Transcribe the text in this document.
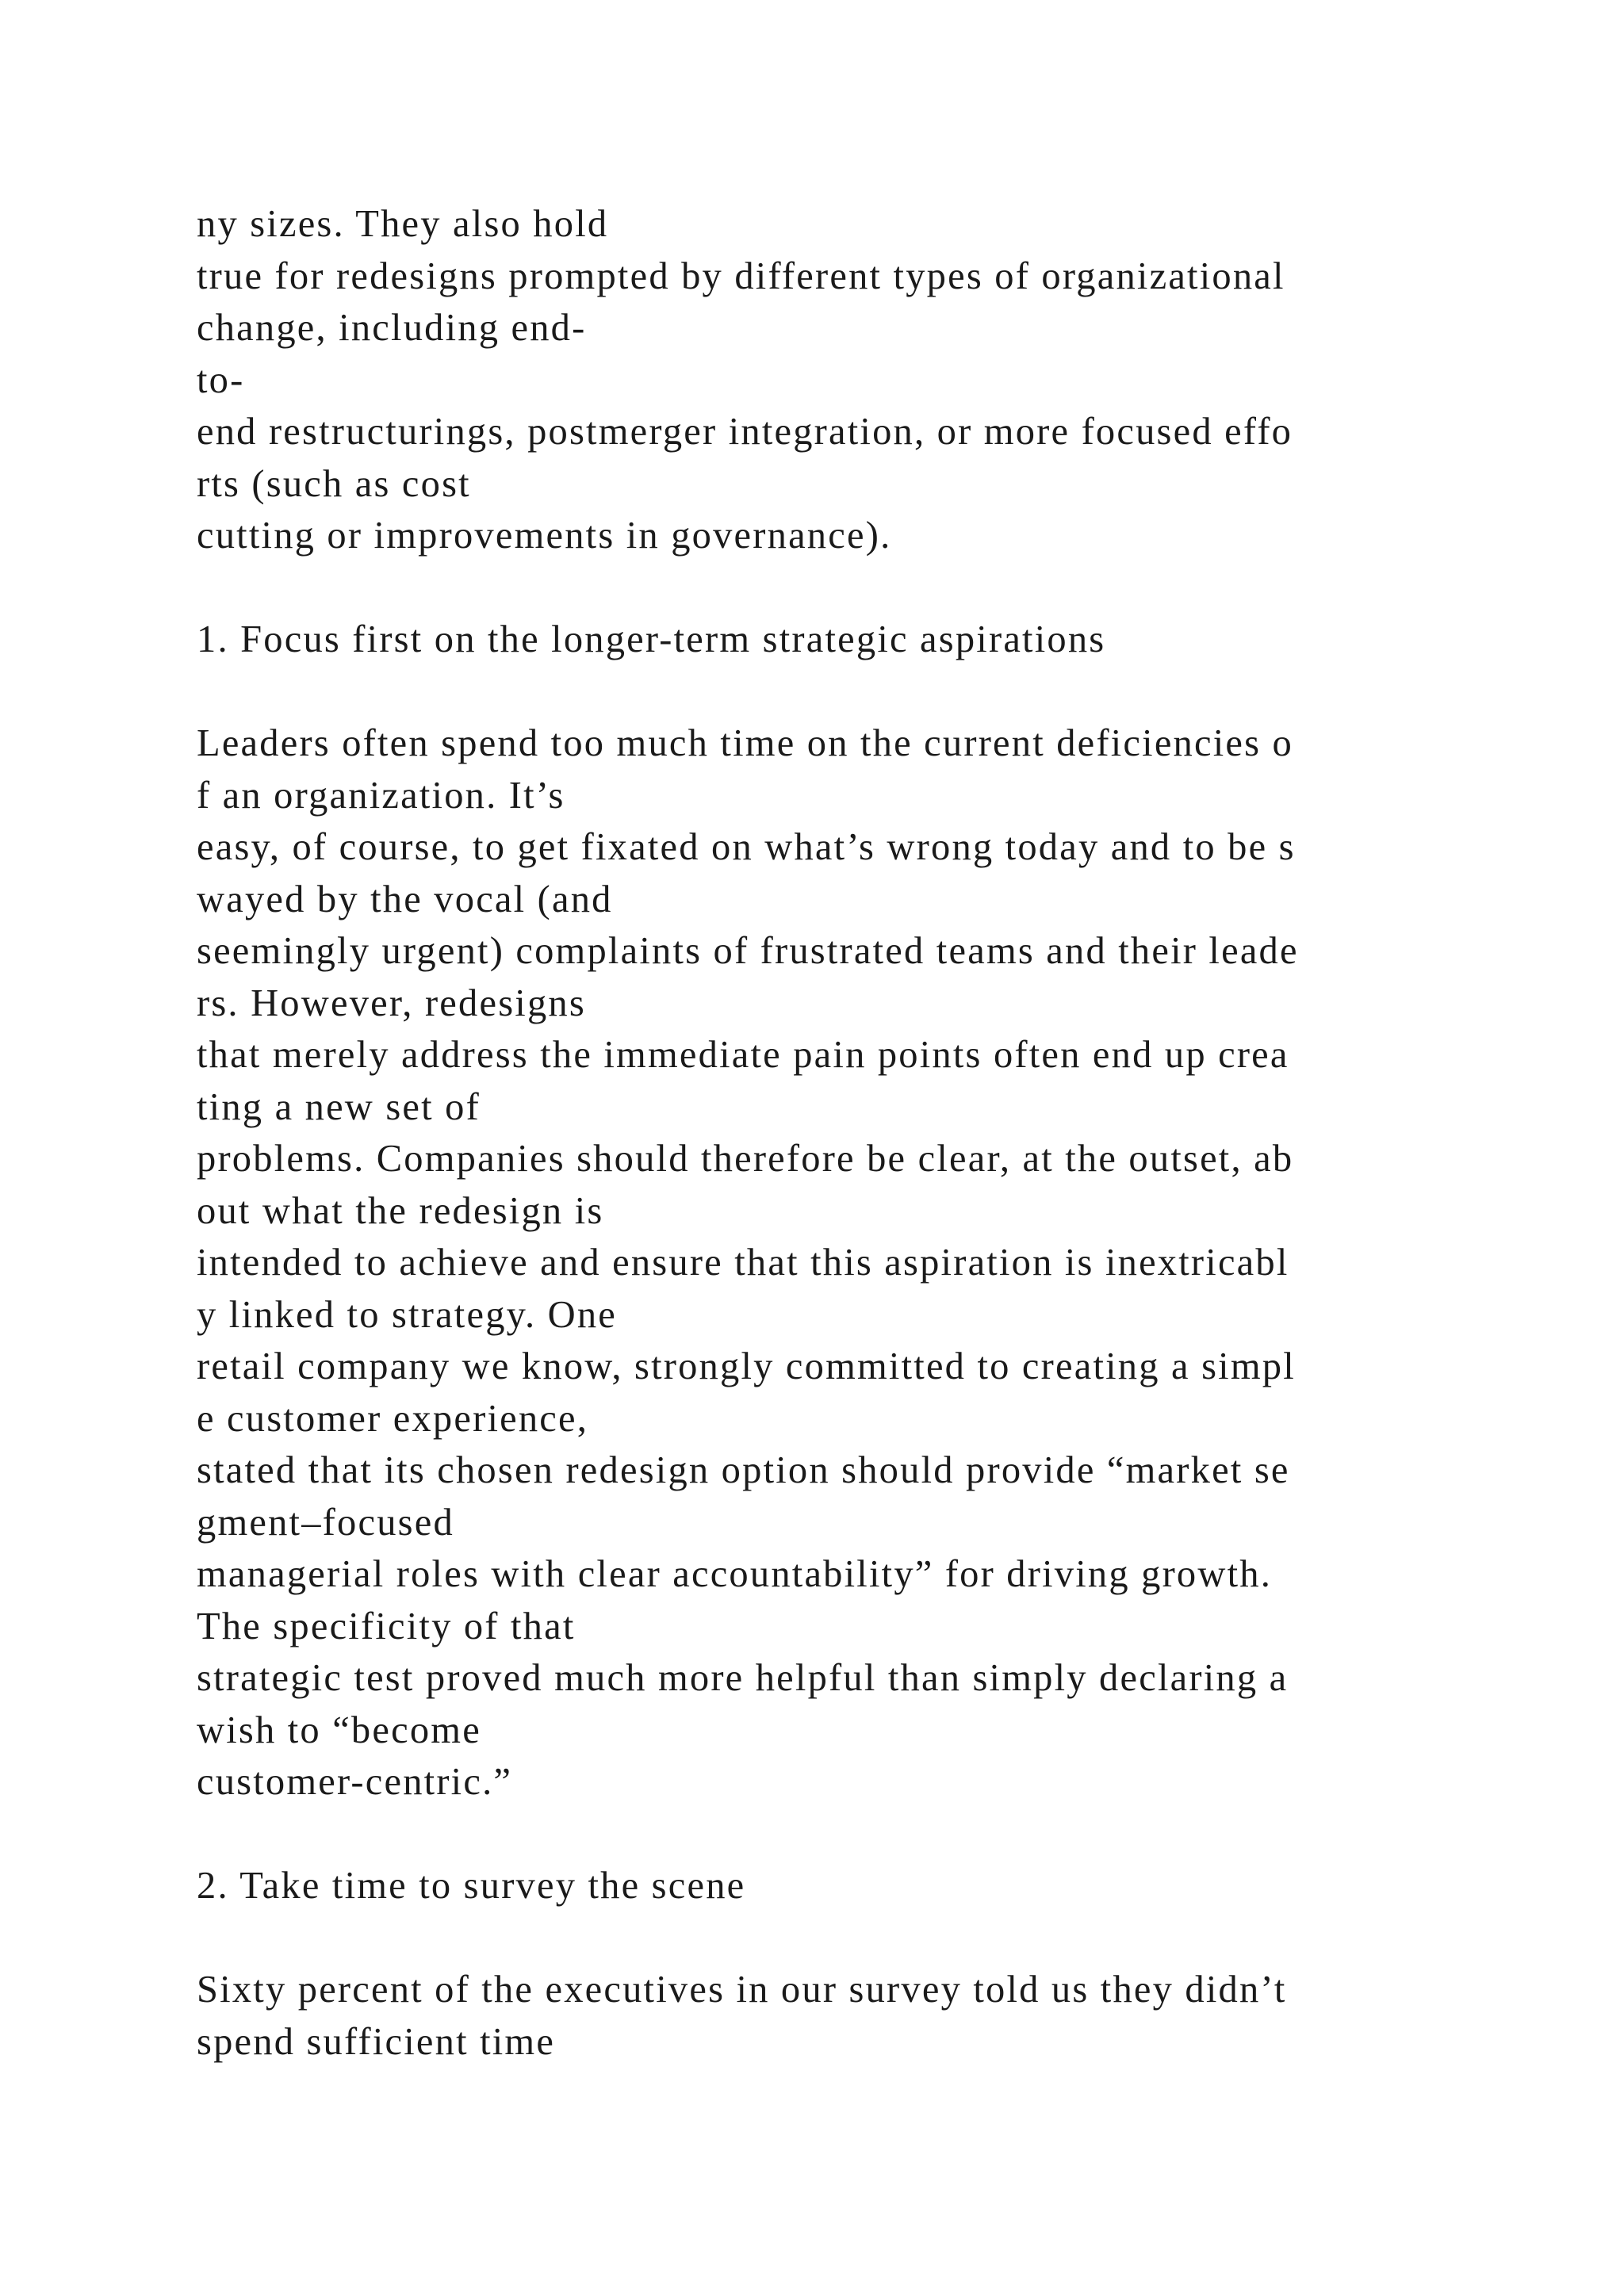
ny sizes. They also hold
true for redesigns prompted by different types of organizational
change, including end-
to-
end restructurings, postmerger integration, or more focused effo
rts (such as cost
cutting or improvements in governance).
1. Focus first on the longer-term strategic aspirations
Leaders often spend too much time on the current deficiencies o
f an organization. It’s
easy, of course, to get fixated on what’s wrong today and to be s
wayed by the vocal (and
seemingly urgent) complaints of frustrated teams and their leade
rs. However, redesigns
that merely address the immediate pain points often end up crea
ting a new set of
problems. Companies should therefore be clear, at the outset, ab
out what the redesign is
intended to achieve and ensure that this aspiration is inextricabl
y linked to strategy. One
retail company we know, strongly committed to creating a simpl
e customer experience,
stated that its chosen redesign option should provide “market se
gment–focused
managerial roles with clear accountability” for driving growth.
The specificity of that
strategic test proved much more helpful than simply declaring a
wish to “become
customer-centric.”
2. Take time to survey the scene
Sixty percent of the executives in our survey told us they didn’t
spend sufficient time
